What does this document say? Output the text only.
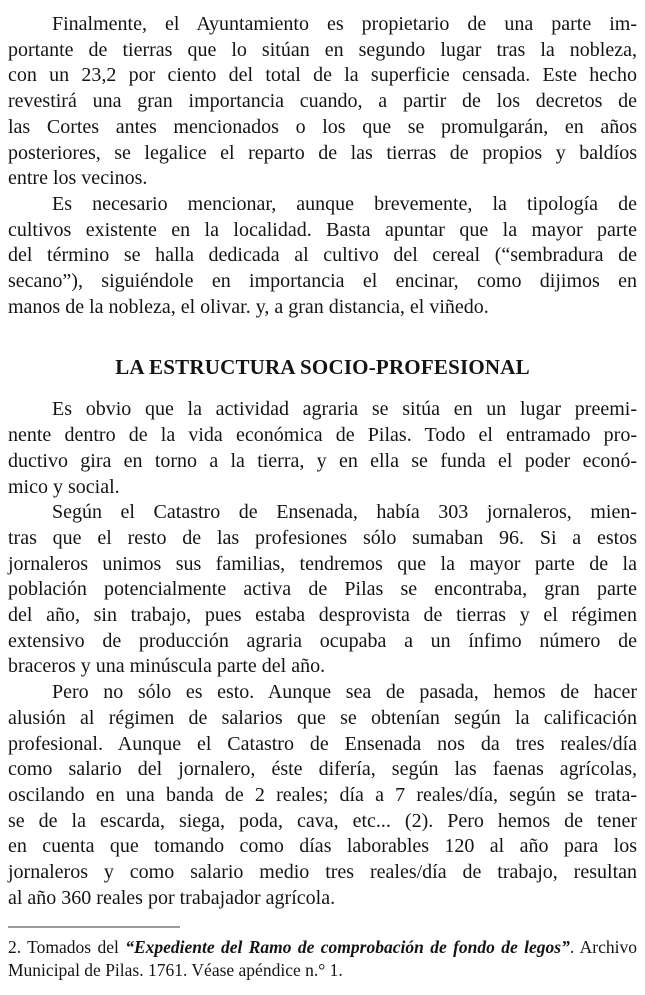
Finalmente, el Ayuntamiento es propietario de una parte im-
portante de tierras que lo sitúan en segundo lugar tras la nobleza,
con un 23,2 por ciento del total de la superficie censada. Este hecho
revestirá una gran importancia cuando, a partir de los decretos de
las Cortes antes mencionados o los que se promulgarán, en años
posteriores, se legalice el reparto de las tierras de propios y baldíos
entre los vecinos.
Es necesario mencionar, aunque brevemente, la tipología de
cultivos existente en la localidad. Basta apuntar que la mayor parte
del término se halla dedicada al cultivo del cereal (“sembradura de
secano”), siguiéndole en importancia el encinar, como dijimos en
manos de la nobleza, el olivar. y, a gran distancia, el viñedo.
LA ESTRUCTURA SOCIO-PROFESIONAL
Es obvio que la actividad agraria se sitúa en un lugar preemi-
nente dentro de la vida económica de Pilas. Todo el entramado pro-
ductivo gira en torno a la tierra, y en ella se funda el poder econó-
mico y social.
Según el Catastro de Ensenada, había 303 jornaleros, mien-
tras que el resto de las profesiones sólo sumaban 96. Si a estos
jornaleros unimos sus familias, tendremos que la mayor parte de la
población potencialmente activa de Pilas se encontraba, gran parte
del año, sin trabajo, pues estaba desprovista de tierras y el régimen
extensivo de producción agraria ocupaba a un ínfimo número de
braceros y una minúscula parte del año.
Pero no sólo es esto. Aunque sea de pasada, hemos de hacer
alusión al régimen de salarios que se obtenían según la calificación
profesional. Aunque el Catastro de Ensenada nos da tres reales/día
como salario del jornalero, éste difería, según las faenas agrícolas,
oscilando en una banda de 2 reales; día a 7 reales/día, según se trata-
se de la escarda, siega, poda, cava, etc... (2). Pero hemos de tener
en cuenta que tomando como días laborables 120 al año para los
jornaleros y como salario medio tres reales/día de trabajo, resultan
al año 360 reales por trabajador agrícola.
2. Tomados del “Expediente del Ramo de comprobación de fondo de legos”. Archivo
Municipal de Pilas. 1761. Véase apéndice n.° 1.
